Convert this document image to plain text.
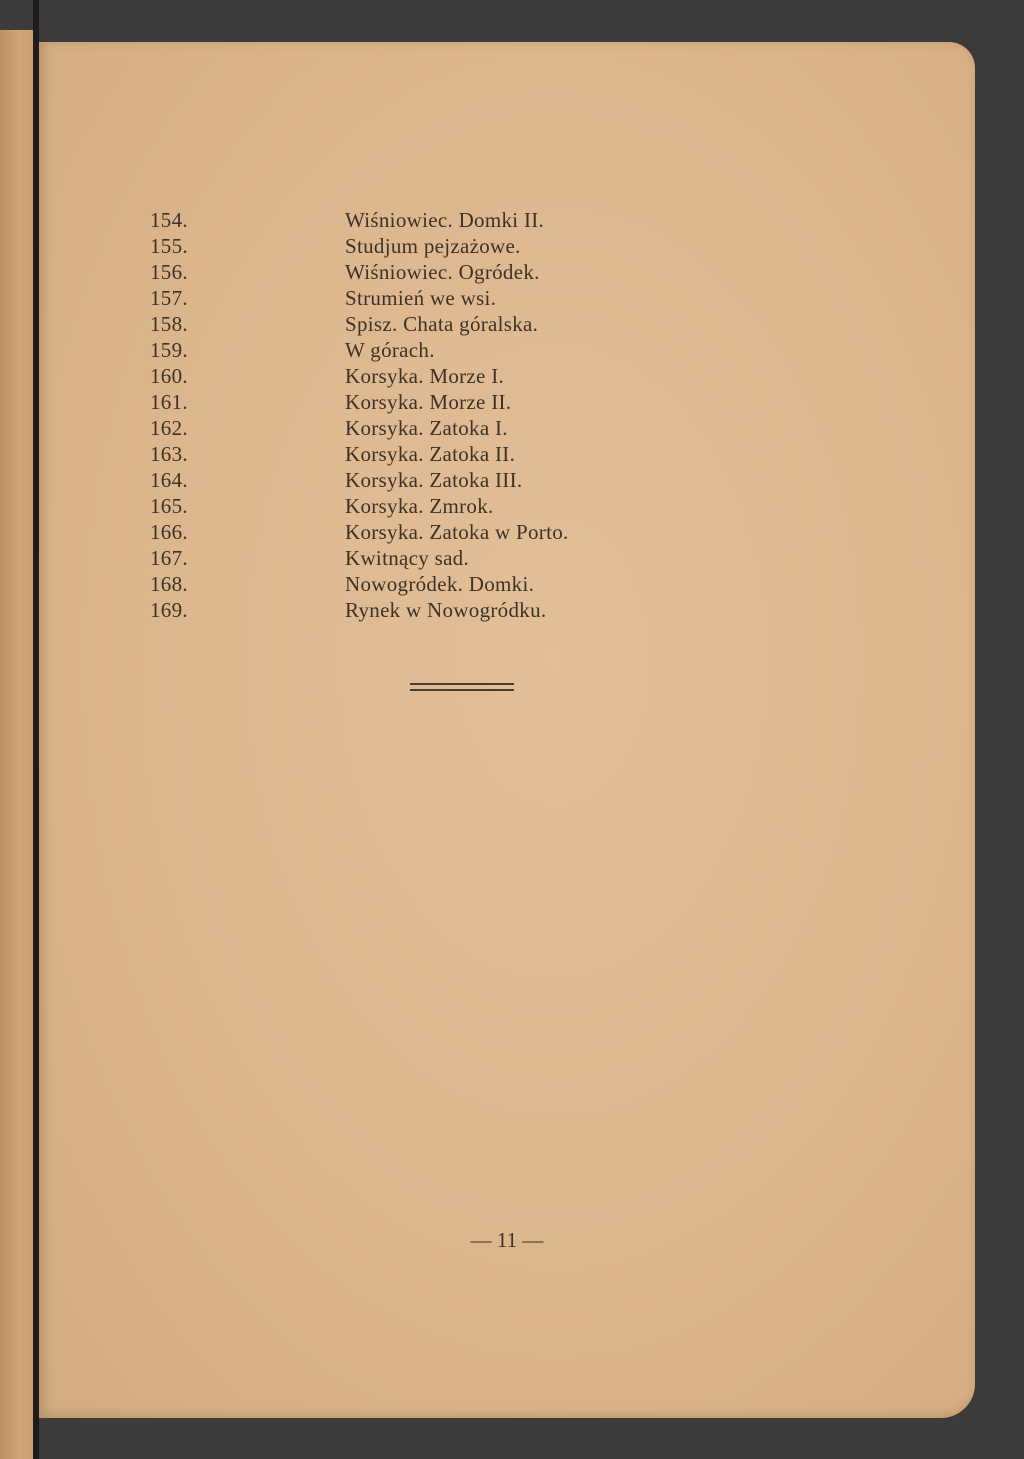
154.	Wiśniowiec. Domki II.
155.	Studjum pejzażowe.
156.	Wiśniowiec. Ogródek.
157.	Strumień we wsi.
158.	Spisz. Chata góralska.
159.	W górach.
160.	Korsyka. Morze I.
161.	Korsyka. Morze II.
162.	Korsyka. Zatoka I.
163.	Korsyka. Zatoka II.
164.	Korsyka. Zatoka III.
165.	Korsyka. Zmrok.
166.	Korsyka. Zatoka w Porto.
167.	Kwitnący sad.
168.	Nowogródek. Domki.
169.	Rynek w Nowogródku.
— 11 —
